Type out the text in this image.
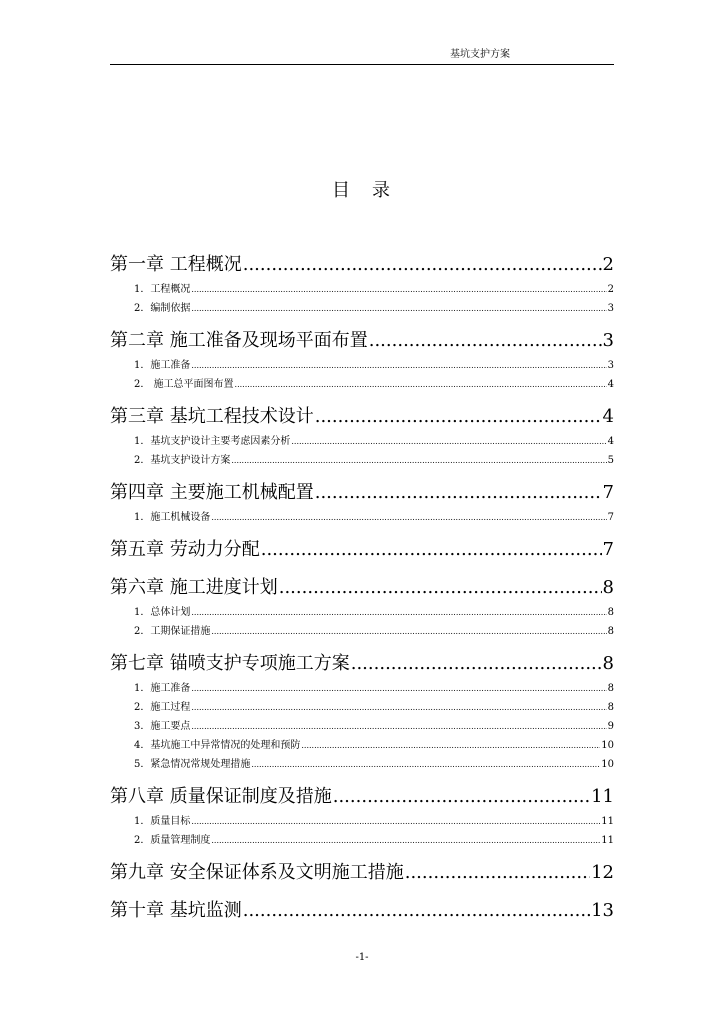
基坑支护方案
目　录
第一章 工程概况 .....	2
1．工程概况 .....	2
2．编制依据 .....	3
第二章 施工准备及现场平面布置 .....	3
1．施工准备 .....	3
2． 施工总平面图布置 .....	4
第三章 基坑工程技术设计 .....	4
1．基坑支护设计主要考虑因素分析 .....	4
2．基坑支护设计方案 .....	5
第四章 主要施工机械配置 .....	7
1．施工机械设备 .....	7
第五章 劳动力分配 .....	7
第六章 施工进度计划 .....	8
1．总体计划 .....	8
2．工期保证措施 .....	8
第七章 锚喷支护专项施工方案 .....	8
1．施工准备 .....	8
2．施工过程 .....	8
3．施工要点 .....	9
4．基坑施工中异常情况的处理和预防 .....	10
5．紧急情况常规处理措施 .....	10
第八章 质量保证制度及措施 .....	11
1．质量目标 .....	11
2．质量管理制度 .....	11
第九章 安全保证体系及文明施工措施 .....	12
第十章 基坑监测 .....	13
-1-
